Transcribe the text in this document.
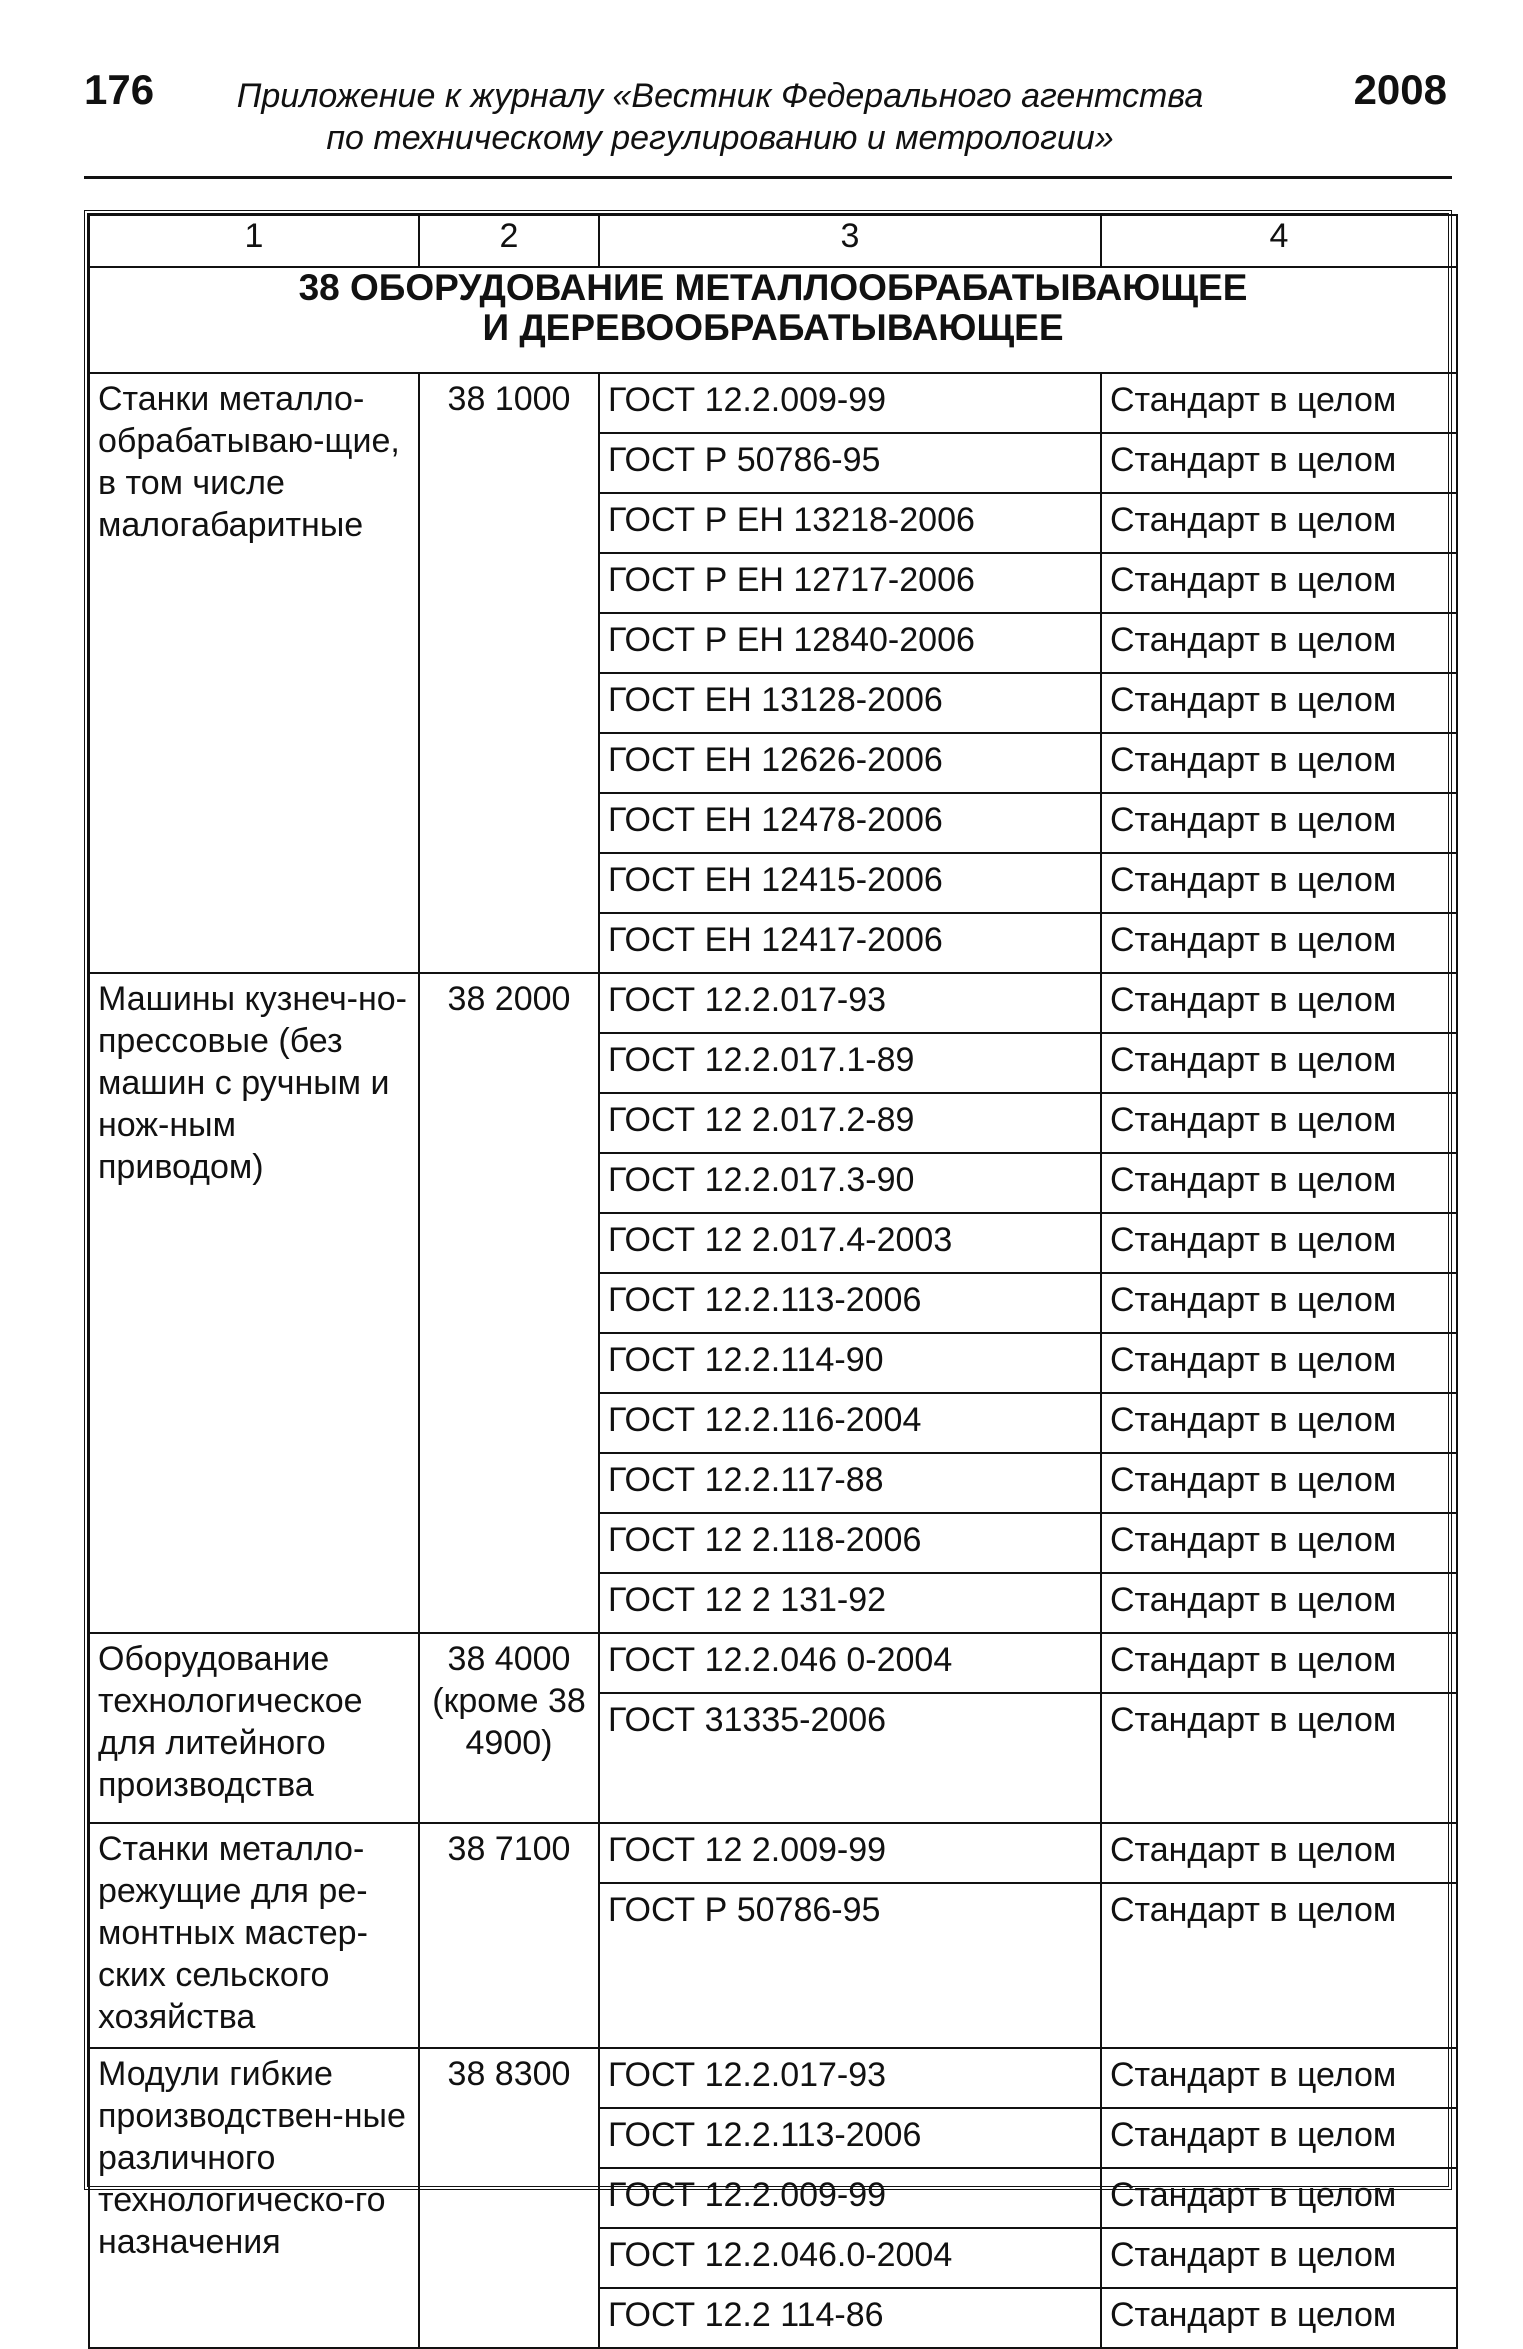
176	Приложение к журналу «Вестник Федерального агентства
по техническому регулированию и метрологии»
2008
1	2	3	4

38 ОБОРУДОВАНИЕ МЕТАЛЛООБРАБАТЫВАЮЩЕЕ
И ДЕРЕВООБРАБАТЫВАЮЩЕЕ			

Станки металло-обрабатываю-щие, в том числе малогабаритные	38 1000	ГОСТ 12.2.009-99	Стандарт в целом
		ГОСТ Р 50786-95	Стандарт в целом
		ГОСТ Р ЕН 13218-2006	Стандарт в целом
		ГОСТ Р ЕН 12717-2006	Стандарт в целом
		ГОСТ Р ЕН 12840-2006	Стандарт в целом
		ГОСТ ЕН 13128-2006	Стандарт в целом
		ГОСТ ЕН 12626-2006	Стандарт в целом
		ГОСТ ЕН 12478-2006	Стандарт в целом
		ГОСТ ЕН 12415-2006	Стандарт в целом
		ГОСТ ЕН 12417-2006	Стандарт в целом
Машины кузнеч-но-прессовые (без машин с ручным и нож-ным приводом)	38 2000	ГОСТ 12.2.017-93	Стандарт в целом
		ГОСТ 12.2.017.1-89	Стандарт в целом
		ГОСТ 12 2.017.2-89	Стандарт в целом
		ГОСТ 12.2.017.3-90	Стандарт в целом
		ГОСТ 12 2.017.4-2003	Стандарт в целом
		ГОСТ 12.2.113-2006	Стандарт в целом
		ГОСТ 12.2.114-90	Стандарт в целом
		ГОСТ 12.2.116-2004	Стандарт в целом
		ГОСТ 12.2.117-88	Стандарт в целом
		ГОСТ 12 2.118-2006	Стандарт в целом
		ГОСТ 12 2 131-92	Стандарт в целом
Оборудование технологическое для литейного производства	38 4000 (кроме 38 4900)	ГОСТ 12.2.046 0-2004	Стандарт в целом
		ГОСТ 31335-2006	Стандарт в целом
Станки металло-режущие для ре-монтных мастер-ских сельского хозяйства	38 7100	ГОСТ 12 2.009-99	Стандарт в целом
		ГОСТ Р 50786-95	Стандарт в целом
Модули гибкие производствен-ные различного технологическо-го назначения	38 8300	ГОСТ 12.2.017-93	Стандарт в целом
		ГОСТ 12.2.113-2006	Стандарт в целом
		ГОСТ 12.2.009-99	Стандарт в целом
		ГОСТ 12.2.046.0-2004	Стандарт в целом
		ГОСТ 12.2 114-86	Стандарт в целом
